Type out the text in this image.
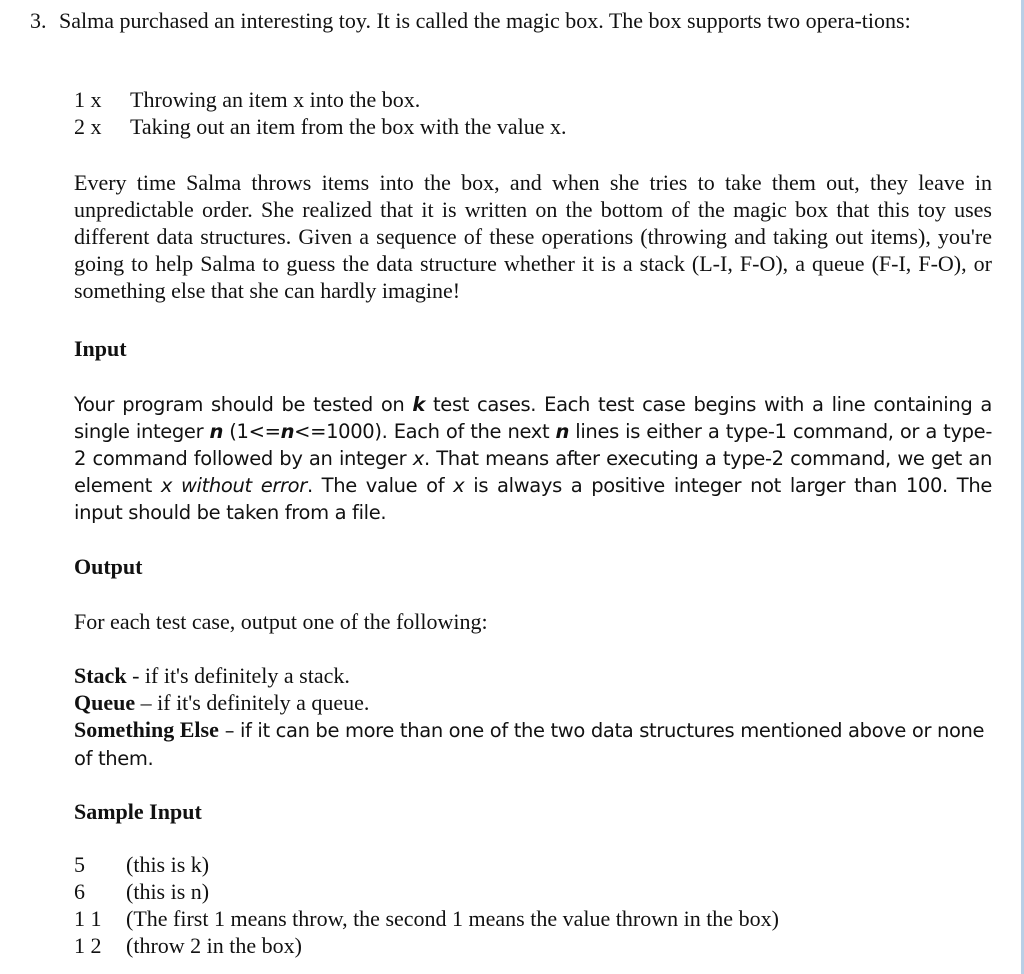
3. Salma purchased an interesting toy. It is called the magic box. The box supports two opera-tions:
1 x Throwing an item x into the box.
2 x Taking out an item from the box with the value x.
Every time Salma throws items into the box, and when she tries to take them out, they leave in unpredictable order. She realized that it is written on the bottom of the magic box that this toy uses different data structures. Given a sequence of these operations (throwing and taking out items), you're going to help Salma to guess the data structure whether it is a stack (L-I, F-O), a queue (F-I, F-O), or something else that she can hardly imagine!
Input
Your program should be tested on k test cases. Each test case begins with a line containing a single integer n (1<=n<=1000). Each of the next n lines is either a type-1 command, or a type-2 command followed by an integer x. That means after executing a type-2 command, we get an element x without error. The value of x is always a positive integer not larger than 100. The input should be taken from a file.
Output
For each test case, output one of the following:
Stack - if it's definitely a stack.
Queue – if it's definitely a queue.
Something Else – if it can be more than one of the two data structures mentioned above or none of them.
Sample Input
5 (this is k)
6 (this is n)
1 1 (The first 1 means throw, the second 1 means the value thrown in the box)
1 2 (throw 2 in the box)
